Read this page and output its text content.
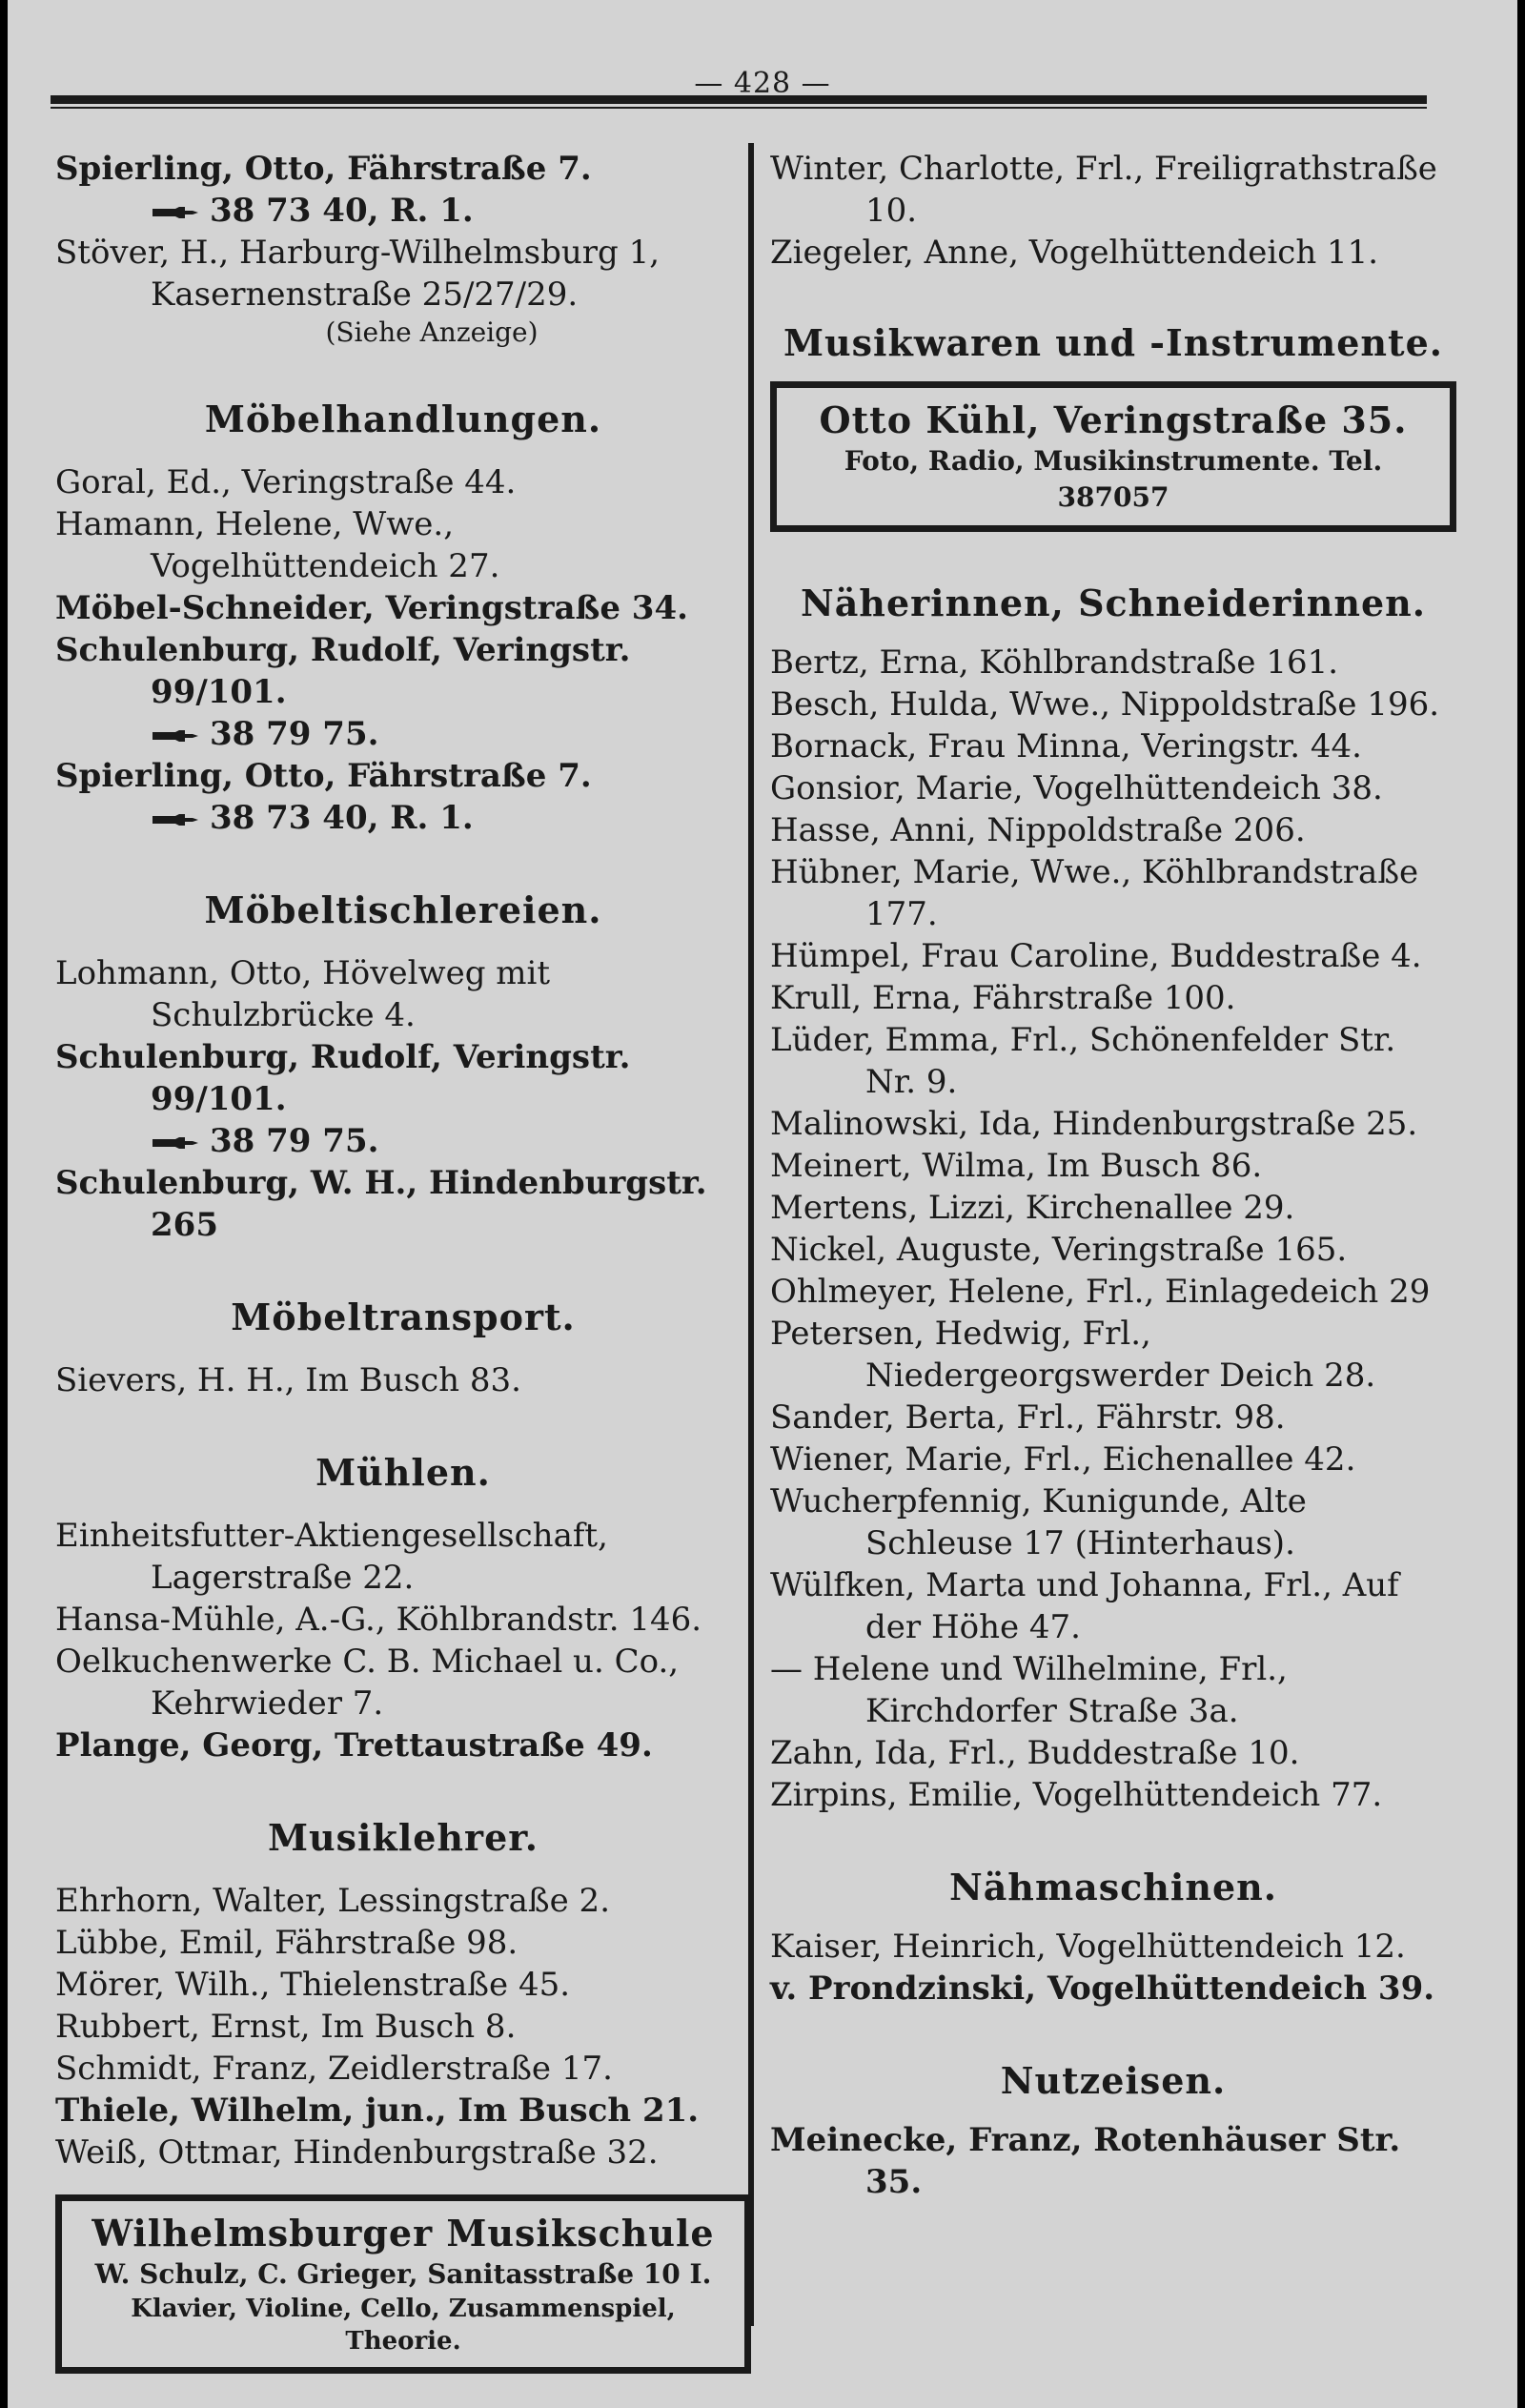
— 428 —
Spierling, Otto, Fährstraße 7.
38 73 40, R. 1.
Stöver, H., Harburg-Wilhelmsburg 1, Kasernenstraße 25/27/29.
(Siehe Anzeige)
Möbelhandlungen.
Goral, Ed., Veringstraße 44.
Hamann, Helene, Wwe., Vogelhüttendeich 27.
Möbel-Schneider, Veringstraße 34.
Schulenburg, Rudolf, Veringstr. 99/101.
38 79 75.
Spierling, Otto, Fährstraße 7.
38 73 40, R. 1.
Möbeltischlereien.
Lohmann, Otto, Hövelweg mit Schulzbrücke 4.
Schulenburg, Rudolf, Veringstr. 99/101.
38 79 75.
Schulenburg, W. H., Hindenburgstr. 265
Möbeltransport.
Sievers, H. H., Im Busch 83.
Mühlen.
Einheitsfutter-Aktiengesellschaft, Lagerstraße 22.
Hansa-Mühle, A.-G., Köhlbrandstr. 146.
Oelkuchenwerke C. B. Michael u. Co., Kehrwieder 7.
Plange, Georg, Trettaustraße 49.
Musiklehrer.
Ehrhorn, Walter, Lessingstraße 2.
Lübbe, Emil, Fährstraße 98.
Mörer, Wilh., Thielenstraße 45.
Rubbert, Ernst, Im Busch 8.
Schmidt, Franz, Zeidlerstraße 17.
Thiele, Wilhelm, jun., Im Busch 21.
Weiß, Ottmar, Hindenburgstraße 32.
Wilhelmsburger Musikschule
W. Schulz, C. Grieger, Sanitasstraße 10 I.
Klavier, Violine, Cello, Zusammenspiel, Theorie.
Winter, Charlotte, Frl., Freiligrathstraße 10.
Ziegeler, Anne, Vogelhüttendeich 11.
Musikwaren und -Instrumente.
Otto Kühl, Veringstraße 35.
Foto, Radio, Musikinstrumente. Tel. 387057
Näherinnen, Schneiderinnen.
Bertz, Erna, Köhlbrandstraße 161.
Besch, Hulda, Wwe., Nippoldstraße 196.
Bornack, Frau Minna, Veringstr. 44.
Gonsior, Marie, Vogelhüttendeich 38.
Hasse, Anni, Nippoldstraße 206.
Hübner, Marie, Wwe., Köhlbrandstraße 177.
Hümpel, Frau Caroline, Buddestraße 4.
Krull, Erna, Fährstraße 100.
Lüder, Emma, Frl., Schönenfelder Str. Nr. 9.
Malinowski, Ida, Hindenburgstraße 25.
Meinert, Wilma, Im Busch 86.
Mertens, Lizzi, Kirchenallee 29.
Nickel, Auguste, Veringstraße 165.
Ohlmeyer, Helene, Frl., Einlagedeich 29
Petersen, Hedwig, Frl., Niedergeorgswerder Deich 28.
Sander, Berta, Frl., Fährstr. 98.
Wiener, Marie, Frl., Eichenallee 42.
Wucherpfennig, Kunigunde, Alte Schleuse 17 (Hinterhaus).
Wülfken, Marta und Johanna, Frl., Auf der Höhe 47.
— Helene und Wilhelmine, Frl., Kirchdorfer Straße 3a.
Zahn, Ida, Frl., Buddestraße 10.
Zirpins, Emilie, Vogelhüttendeich 77.
Nähmaschinen.
Kaiser, Heinrich, Vogelhüttendeich 12.
v. Prondzinski, Vogelhüttendeich 39.
Nutzeisen.
Meinecke, Franz, Rotenhäuser Str. 35.
